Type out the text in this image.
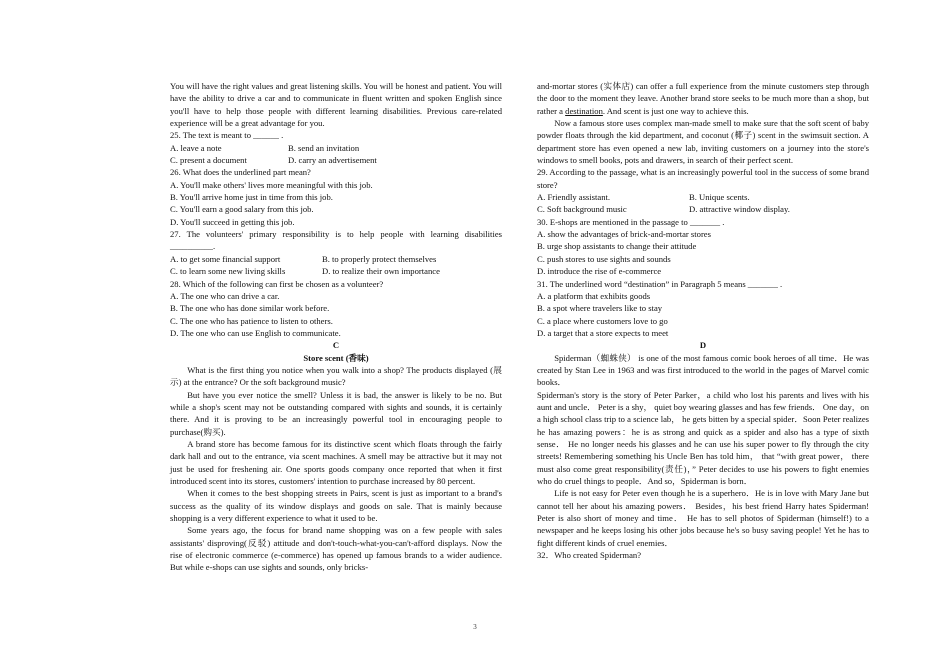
You will have the right values and great listening skills. You will be honest and patient. You will have the ability to drive a car and to communicate in fluent written and spoken English since you'll have to help those people with different learning disabilities. Previous care-related experience will be a great advantage for you.

25. The text is meant to ______ .

A. leave a note	B. send an invitation
C. present a document	D. carry an advertisement

26. What does the underlined part mean?

A. You'll make others' lives more meaningful with this job.

B. You'll arrive home just in time from this job.

C. You'll earn a good salary from this job.

D. You'll succeed in getting this job.

27. The volunteers' primary responsibility is to help people with learning disabilities __________.

A. to get some financial support	B. to properly protect themselves
C. to learn some new living skills	D. to realize their own importance

28. Which of the following can first be chosen as a volunteer?

A. The one who can drive a car.

B. The one who has done similar work before.

C. The one who has patience to listen to others.

D. The one who can use English to communicate.

C

Store scent (香味)

What is the first thing you notice when you walk into a shop? The products displayed (展示) at the entrance? Or the soft background music?

But have you ever notice the smell? Unless it is bad, the answer is likely to be no. But while a shop's scent may not be outstanding compared with sights and sounds, it is certainly there. And it is proving to be an increasingly powerful tool in encouraging people to purchase(购买).

A brand store has become famous for its distinctive scent which floats through the fairly dark hall and out to the entrance, via scent machines. A smell may be attractive but it may not just be used for freshening air. One sports goods company once reported that when it first introduced scent into its stores, customers' intention to purchase increased by 80 percent.

When it comes to the best shopping streets in Pairs, scent is just as important to a brand's success as the quality of its window displays and goods on sale. That is mainly because shopping is a very different experience to what it used to be.

Some years ago, the focus for brand name shopping was on a few people with sales assistants' disproving(反驳) attitude and don't-touch-what-you-can't-afford displays. Now the rise of electronic commerce (e-commerce) has opened up famous brands to a wider audience. But while e-shops can use sights and sounds, only bricks-

and-mortar stores (实体店) can offer a full experience from the minute customers step through the door to the moment they leave. Another brand store seeks to be much more than a shop, but rather a destination. And scent is just one way to achieve this.

Now a famous store uses complex man-made smell to make sure that the soft scent of baby powder floats through the kid department, and coconut (椰子) scent in the swimsuit section. A department store has even opened a new lab, inviting customers on a journey into the store's windows to smell books, pots and drawers, in search of their perfect scent.

29. According to the passage, what is an increasingly powerful tool in the success of some brand store?

A. Friendly assistant.	B. Unique scents.
C. Soft background music	D. attractive window display.

30. E-shops are mentioned in the passage to _______ .

A. show the advantages of brick-and-mortar stores

B. urge shop assistants to change their attitude

C. push stores to use sights and sounds

D. introduce the rise of e-commerce

31. The underlined word “destination” in Paragraph 5 means _______ .

A. a platform that exhibits goods

B. a spot where travelers like to stay

C. a place where customers love to go

D. a target that a store expects to meet

D

Spiderman（蜘蛛侠） is one of the most famous comic book heroes of all time．He was created by Stan Lee in 1963 and was first introduced to the world in the pages of Marvel comic books．

Spiderman's story is the story of Peter Parker，a child who lost his parents and lives with his aunt and uncle． Peter is a shy， quiet boy wearing glasses and has few friends． One day，on a high school class trip to a science lab， he gets bitten by a special spider．Soon Peter realizes he has amazing powers：he is as strong and quick as a spider and also has a type of sixth sense． He no longer needs his glasses and he can use his super power to fly through the city streets! Remembering something his Uncle Ben has told him， that “with great power， there must also come great responsibility(责任)，” Peter decides to use his powers to fight enemies who do cruel things to people．And so，Spiderman is born．

Life is not easy for Peter even though he is a superhero．He is in love with Mary Jane but cannot tell her about his amazing powers． Besides，his best friend Harry hates Spiderman! Peter is also short of money and time． He has to sell photos of Spiderman (himself!) to a newspaper and he keeps losing his other jobs because he's so busy saving people! Yet he has to fight different kinds of cruel enemies．

32．Who created Spiderman?

3
